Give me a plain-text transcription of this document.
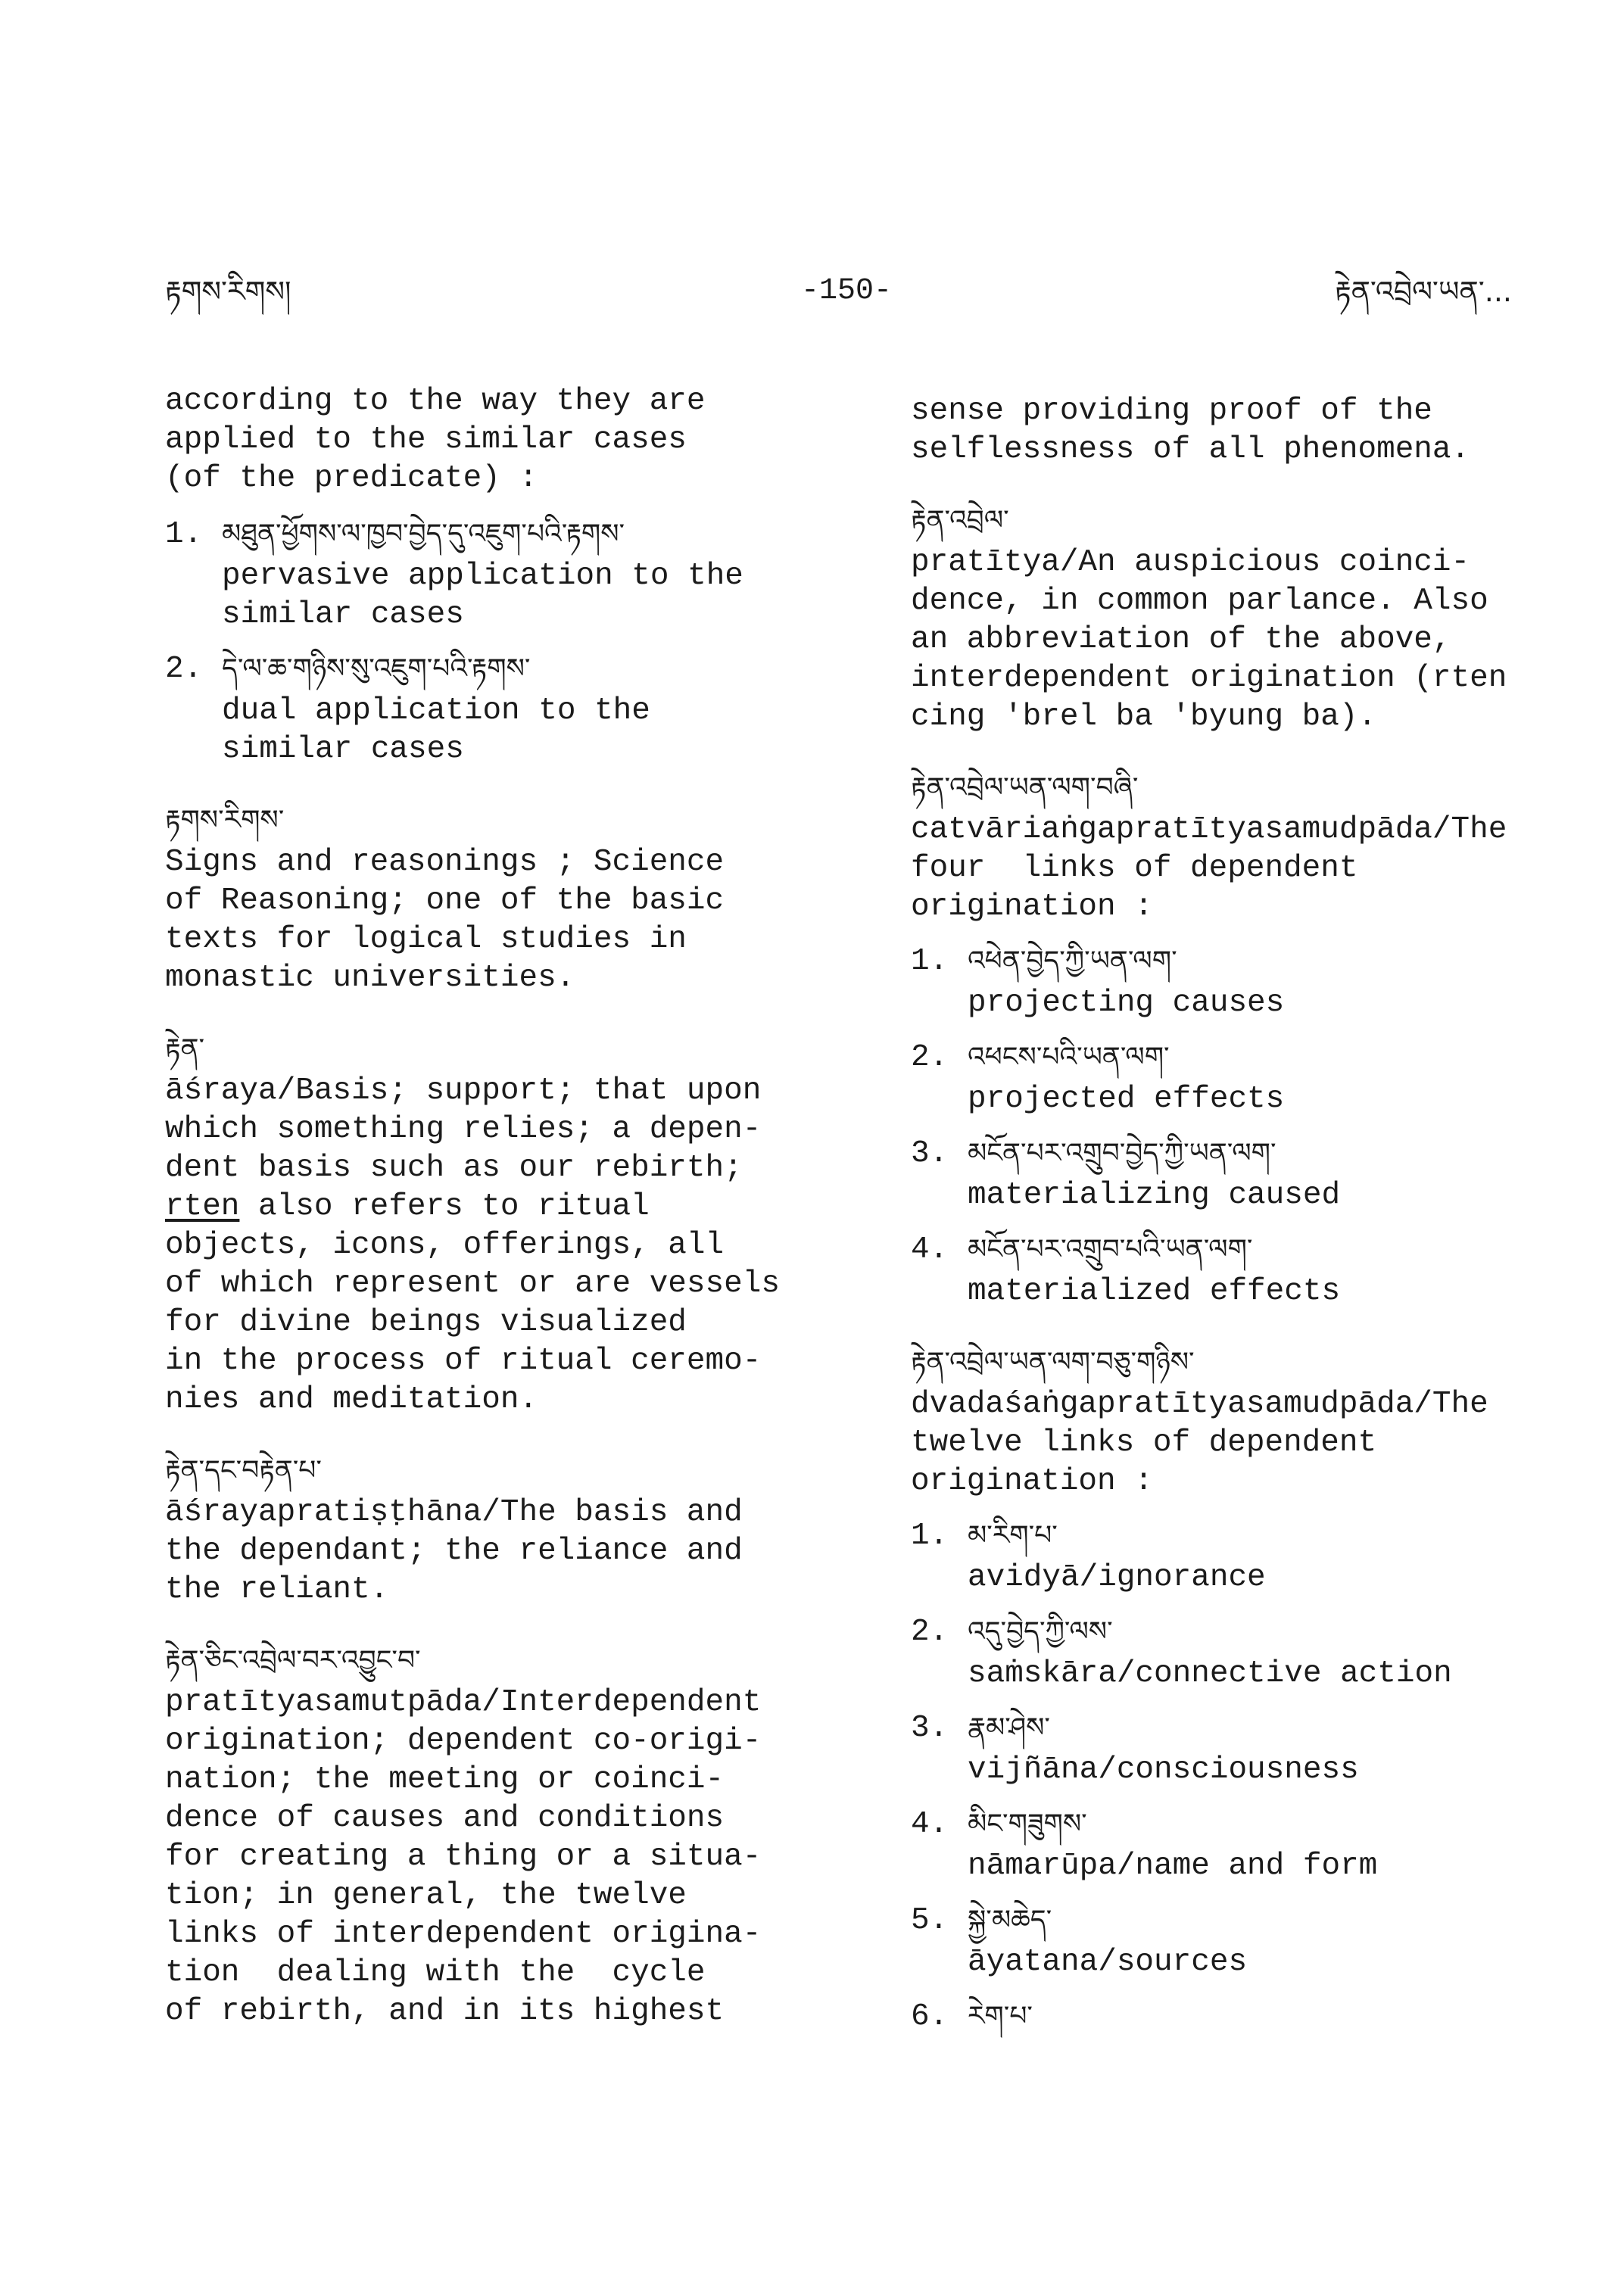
རྟགས་རིགས།	-150-	རྟེན་འབྲེལ་ཡན་...
according to the way they are
applied to the similar cases
(of the predicate) :
1. མཐུན་ཕྱོགས་ལ་ཁྱབ་བྱེད་དུ་འཇུག་པའི་རྟགས་
pervasive application to the
similar cases
2. དེ་ལ་ཆ་གཉིས་སུ་འཇུག་པའི་རྟགས་
dual application to the
similar cases
རྟགས་རིགས་
Signs and reasonings ; Science
of Reasoning; one of the basic
texts for logical studies in
monastic universities.
རྟེན་
āśraya/Basis; support; that upon
which something relies; a depen-
dent basis such as our rebirth;
rten also refers to ritual
objects, icons, offerings, all
of which represent or are vessels
for divine beings visualized
in the process of ritual ceremo-
nies and meditation.
རྟེན་དང་བརྟེན་པ་
āśrayapratiṣṭhāna/The basis and
the dependant; the reliance and
the reliant.
རྟེན་ཅིང་འབྲེལ་བར་འབྱུང་བ་
pratītyasamutpāda/Interdependent
origination; dependent co-origi-
nation; the meeting or coinci-
dence of causes and conditions
for creating a thing or a situa-
tion; in general, the twelve
links of interdependent origina-
tion  dealing with the  cycle
of rebirth, and in its highest
sense providing proof of the
selflessness of all phenomena.
རྟེན་འབྲེལ་
pratītya/An auspicious coinci-
dence, in common parlance. Also
an abbreviation of the above,
interdependent origination (rten
cing 'brel ba 'byung ba).
རྟེན་འབྲེལ་ཡན་ལག་བཞི་
catvāriaṅgapratītyasamudpāda/The
four  links of dependent
origination :
1. འཕེན་བྱེད་ཀྱི་ཡན་ལག་
projecting causes
2. འཕངས་པའི་ཡན་ལག་
projected effects
3. མངོན་པར་འགྲུབ་བྱེད་ཀྱི་ཡན་ལག་
materializing caused
4. མངོན་པར་འགྲུབ་པའི་ཡན་ལག་
materialized effects
རྟེན་འབྲེལ་ཡན་ལག་བཅུ་གཉིས་
dvadaśaṅgapratītyasamudpāda/The
twelve links of dependent
origination :
1. མ་རིག་པ་
avidyā/ignorance
2. འདུ་བྱེད་ཀྱི་ལས་
saṁskāra/connective action
3. རྣམ་ཤེས་
vijñāna/consciousness
4. མིང་གཟུགས་
nāmarūpa/name and form
5. སྐྱེ་མཆེད་
āyatana/sources
6. རེག་པ་
